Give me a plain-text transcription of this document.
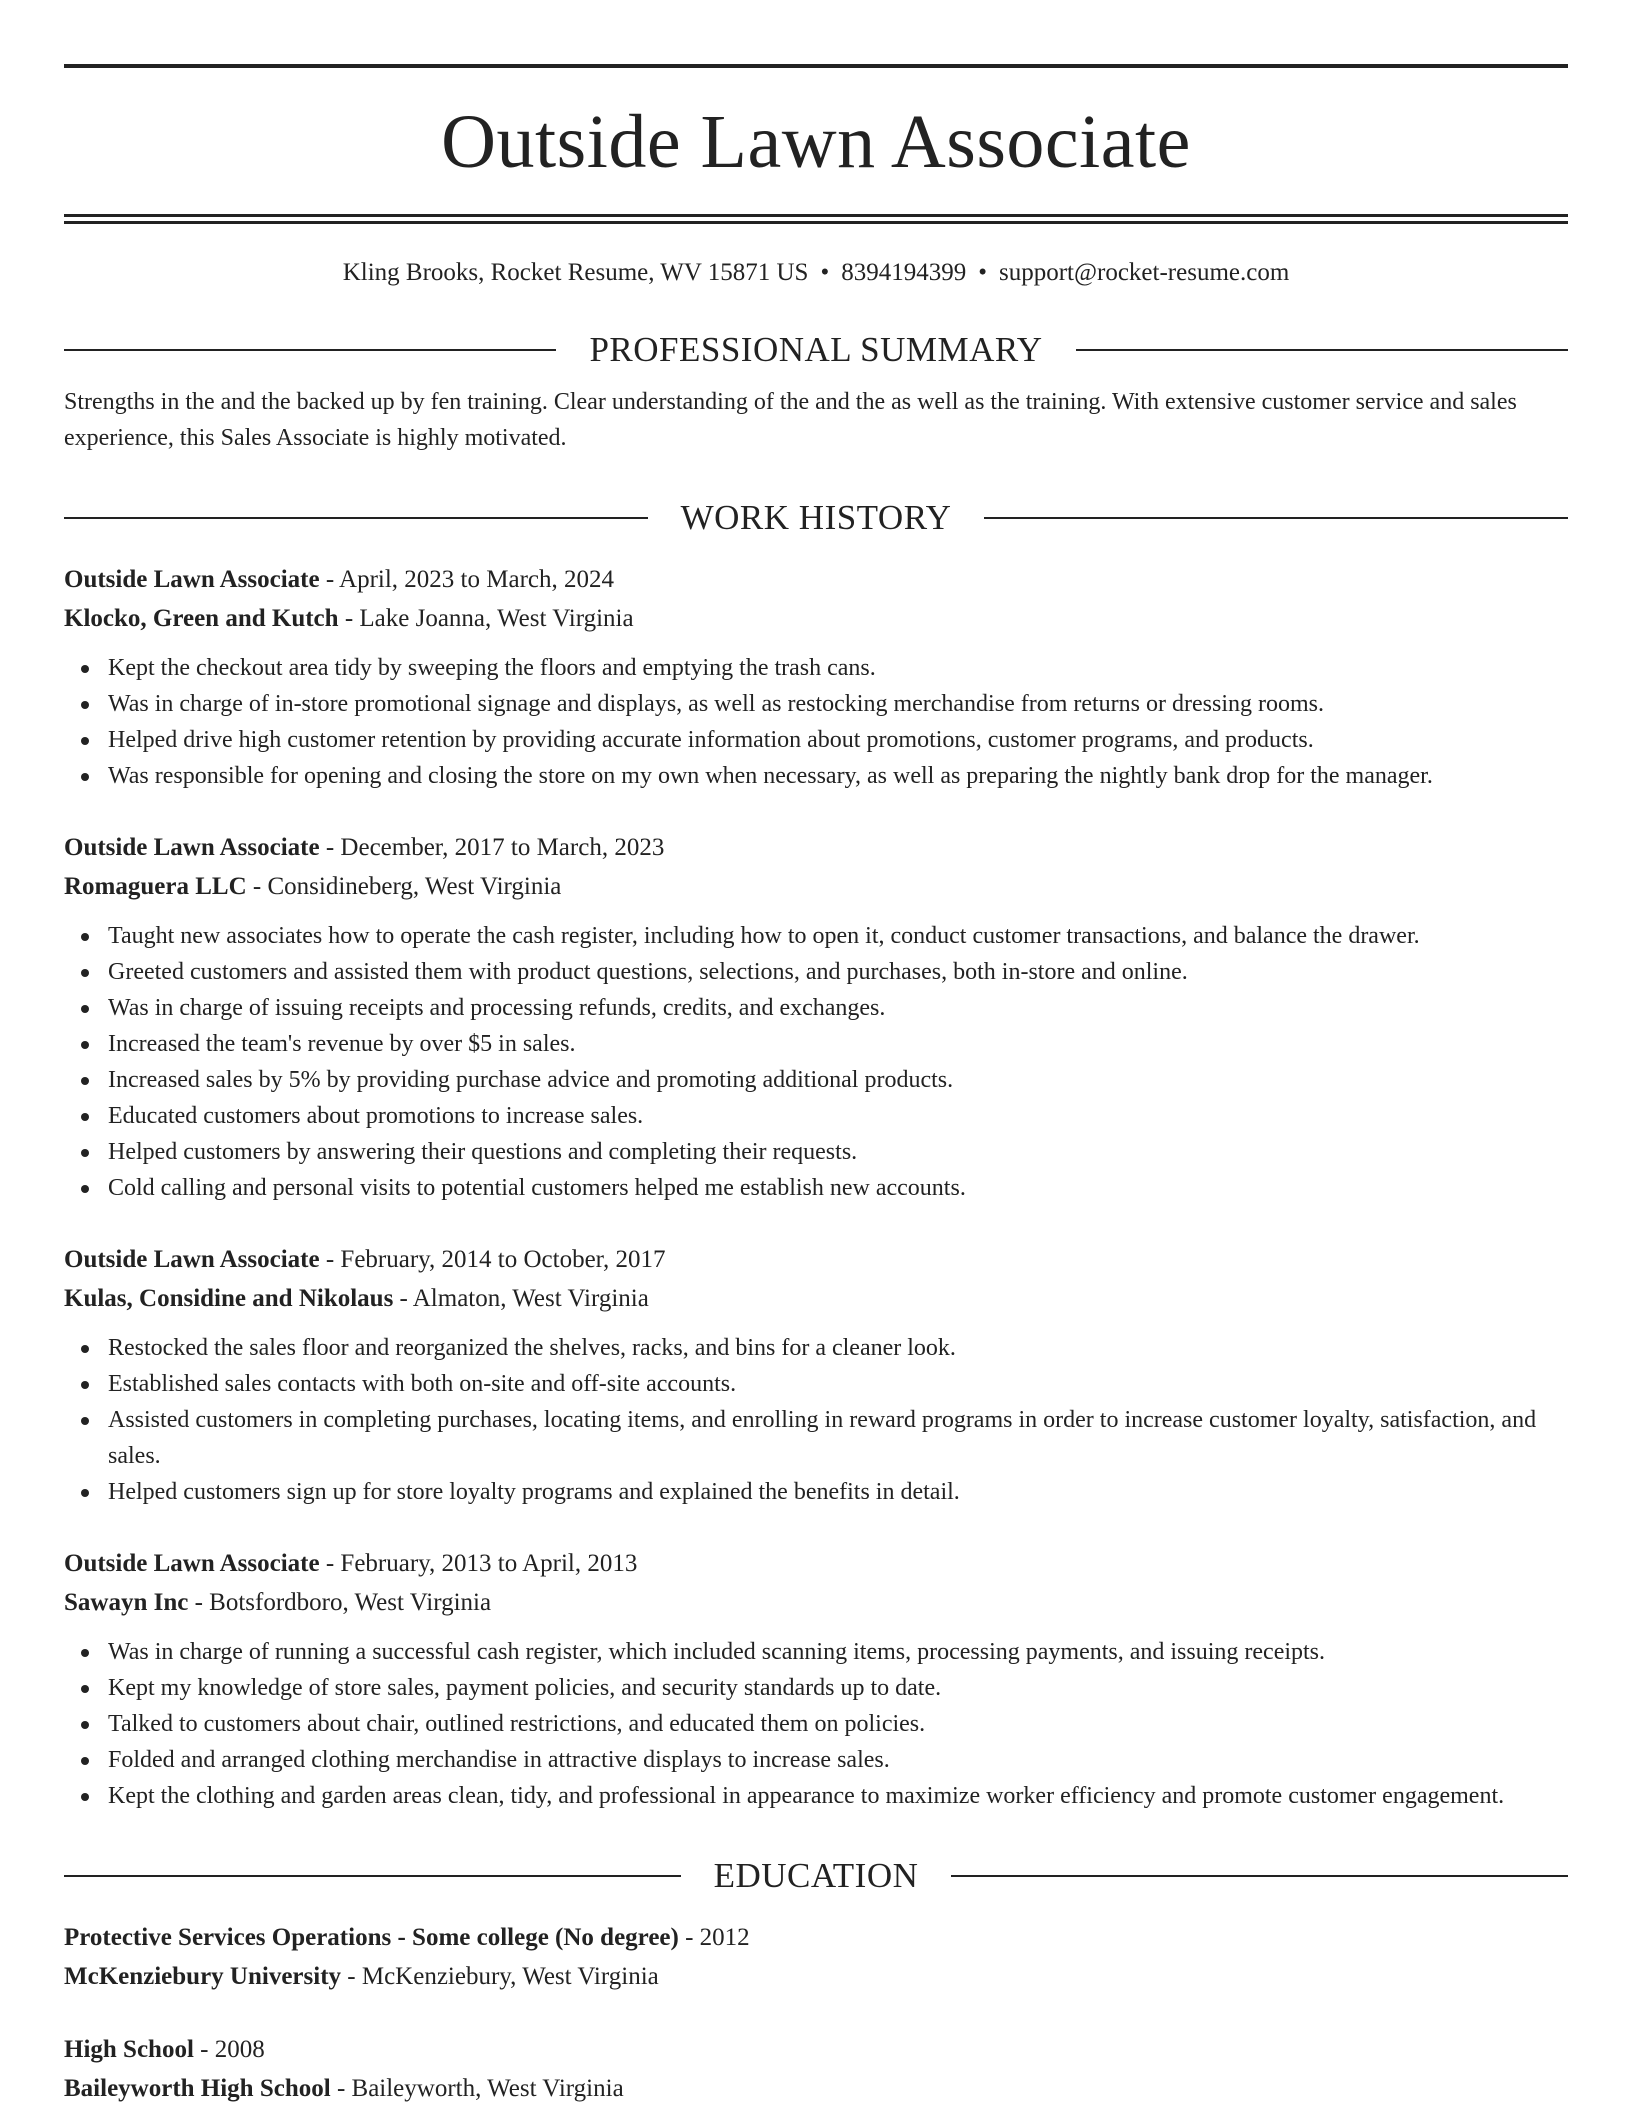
Outside Lawn Associate
Kling Brooks, Rocket Resume, WV 15871 US • 8394194399 • support@rocket-resume.com
PROFESSIONAL SUMMARY

Strengths in the and the backed up by fen training. Clear understanding of the and the as well as the training. With extensive customer service and sales experience, this Sales Associate is highly motivated.

WORK HISTORY
Outside Lawn Associate - April, 2023 to March, 2024
Klocko, Green and Kutch - Lake Joanna, West Virginia
Kept the checkout area tidy by sweeping the floors and emptying the trash cans.
Was in charge of in-store promotional signage and displays, as well as restocking merchandise from returns or dressing rooms.
Helped drive high customer retention by providing accurate information about promotions, customer programs, and products.
Was responsible for opening and closing the store on my own when necessary, as well as preparing the nightly bank drop for the manager.
Outside Lawn Associate - December, 2017 to March, 2023
Romaguera LLC - Considineberg, West Virginia
Taught new associates how to operate the cash register, including how to open it, conduct customer transactions, and balance the drawer.
Greeted customers and assisted them with product questions, selections, and purchases, both in-store and online.
Was in charge of issuing receipts and processing refunds, credits, and exchanges.
Increased the team's revenue by over $5 in sales.
Increased sales by 5% by providing purchase advice and promoting additional products.
Educated customers about promotions to increase sales.
Helped customers by answering their questions and completing their requests.
Cold calling and personal visits to potential customers helped me establish new accounts.
Outside Lawn Associate - February, 2014 to October, 2017
Kulas, Considine and Nikolaus - Almaton, West Virginia
Restocked the sales floor and reorganized the shelves, racks, and bins for a cleaner look.
Established sales contacts with both on-site and off-site accounts.
Assisted customers in completing purchases, locating items, and enrolling in reward programs in order to increase customer loyalty, satisfaction, and sales.
Helped customers sign up for store loyalty programs and explained the benefits in detail.
Outside Lawn Associate - February, 2013 to April, 2013
Sawayn Inc - Botsfordboro, West Virginia
Was in charge of running a successful cash register, which included scanning items, processing payments, and issuing receipts.
Kept my knowledge of store sales, payment policies, and security standards up to date.
Talked to customers about chair, outlined restrictions, and educated them on policies.
Folded and arranged clothing merchandise in attractive displays to increase sales.
Kept the clothing and garden areas clean, tidy, and professional in appearance to maximize worker efficiency and promote customer engagement.
EDUCATION
Protective Services Operations - Some college (No degree) - 2012
McKenziebury University - McKenziebury, West Virginia
High School - 2008
Baileyworth High School - Baileyworth, West Virginia
